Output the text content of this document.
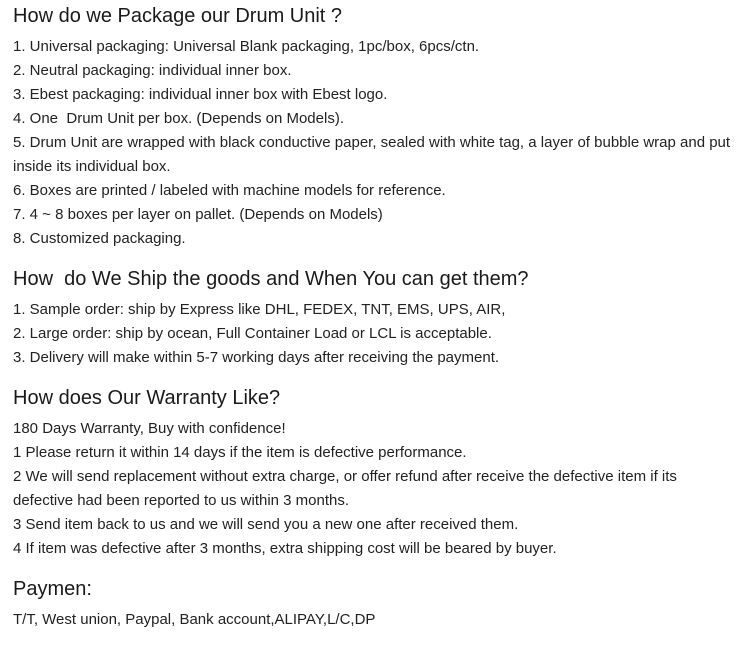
How do we Package our Drum Unit ?

1. Universal packaging: Universal Blank packaging, 1pc/box, 6pcs/ctn.

2. Neutral packaging: individual inner box.

3. Ebest packaging: individual inner box with Ebest logo.

4. One  Drum Unit per box. (Depends on Models).

5. Drum Unit are wrapped with black conductive paper, sealed with white tag, a layer of bubble wrap and put inside its individual box.

6. Boxes are printed / labeled with machine models for reference.

7. 4 ~ 8 boxes per layer on pallet. (Depends on Models)

8. Customized packaging.

How  do We Ship the goods and When You can get them?

1. Sample order: ship by Express like DHL, FEDEX, TNT, EMS, UPS, AIR,

2. Large order: ship by ocean, Full Container Load or LCL is acceptable.

3. Delivery will make within 5-7 working days after receiving the payment.

How does Our Warranty Like?

180 Days Warranty, Buy with confidence!

1 Please return it within 14 days if the item is defective performance.

2 We will send replacement without extra charge, or offer refund after receive the defective item if its defective had been reported to us within 3 months.

3 Send item back to us and we will send you a new one after received them.

4 If item was defective after 3 months, extra shipping cost will be beared by buyer.

Paymen:

T/T, West union, Paypal, Bank account,ALIPAY,L/C,DP
